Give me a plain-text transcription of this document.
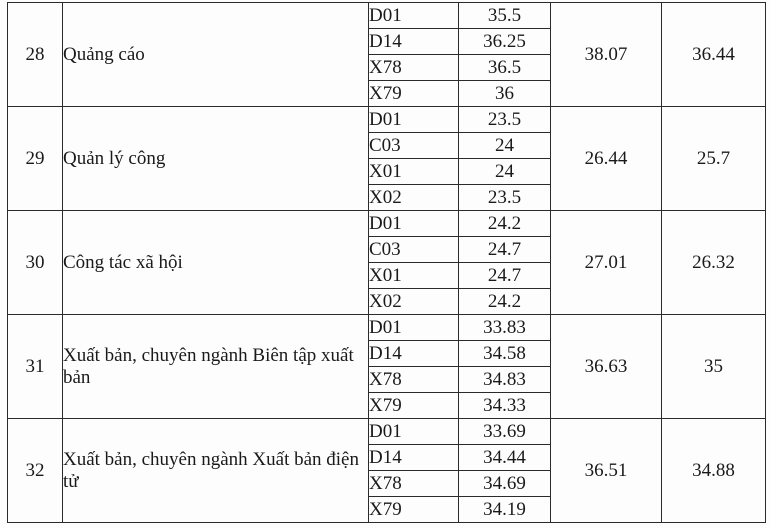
28	Quảng cáo	D01	35.5	38.07	36.44
		D14	36.25		
		X78	36.5		
		X79	36		
29	Quản lý công	D01	23.5	26.44	25.7
		C03	24		
		X01	24		
		X02	23.5		
30	Công tác xã hội	D01	24.2	27.01	26.32
		C03	24.7		
		X01	24.7		
		X02	24.2		
31	Xuất bản, chuyên ngành Biên tập xuất bản	D01	33.83	36.63	35
		D14	34.58		
		X78	34.83		
		X79	34.33		
32	Xuất bản, chuyên ngành Xuất bản điện tử	D01	33.69	36.51	34.88
		D14	34.44		
		X78	34.69		
		X79	34.19		
